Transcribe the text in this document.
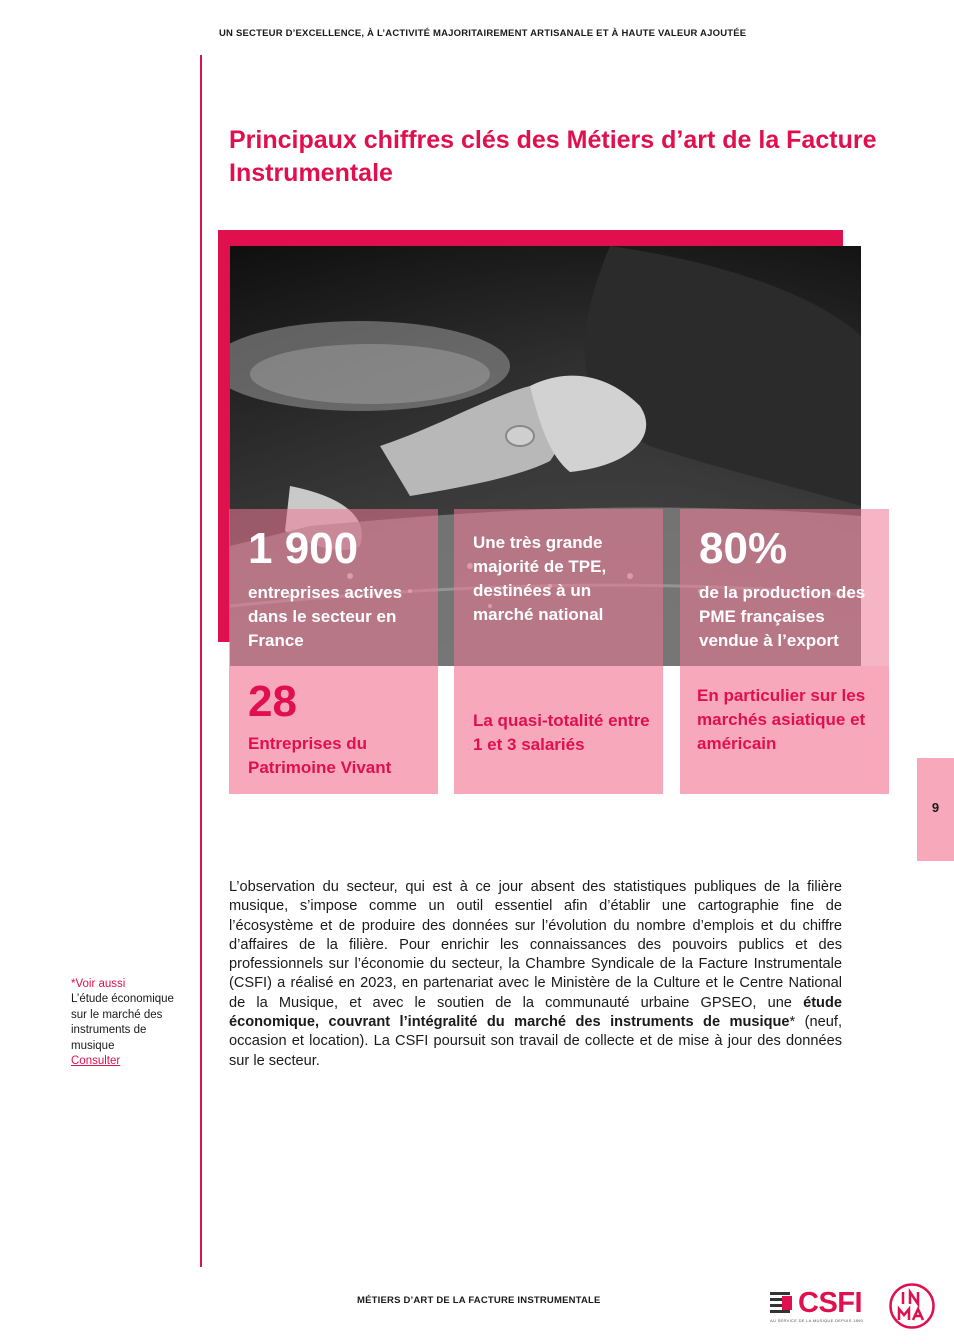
UN SECTEUR D’EXCELLENCE, À L’ACTIVITÉ MAJORITAIREMENT ARTISANALE ET À HAUTE VALEUR AJOUTÉE
Principaux chiffres clés des Métiers d’art de la Facture Instrumentale
1 900

entreprises actives dans le secteur en France

Une très grande majorité de TPE, destinées à un marché national

80%

de la production des PME françaises vendue à l’export

28

Entreprises du Patrimoine Vivant

La quasi-totalité entre 1 et 3 salariés

En particulier sur les marchés asiatique et américain

9

L’observation du secteur, qui est à ce jour absent des statistiques publiques de la filière musique, s’impose comme un outil essentiel afin d’établir une cartographie fine de l’écosystème et de produire des données sur l’évolution du nombre d’emplois et du chiffre d’affaires de la filière. Pour enrichir les connaissances des pouvoirs publics et des professionnels sur l’économie du secteur, la Chambre Syndicale de la Facture Instrumentale (CSFI) a réalisé en 2023, en partenariat avec le Ministère de la Culture et le Centre National de la Musique, et avec le soutien de la communauté urbaine GPSEO, une étude économique, couvrant l’intégralité du marché des instruments de musique* (neuf, occasion et location). La CSFI poursuit son travail de collecte et de mise à jour des données sur le secteur.

*Voir aussi
L’étude économique sur le marché des instruments de musique
Consulter
MÉTIERS D’ART DE LA FACTURE INSTRUMENTALE	CSFI
AU SERVICE DE LA MUSIQUE DEPUIS 1890
